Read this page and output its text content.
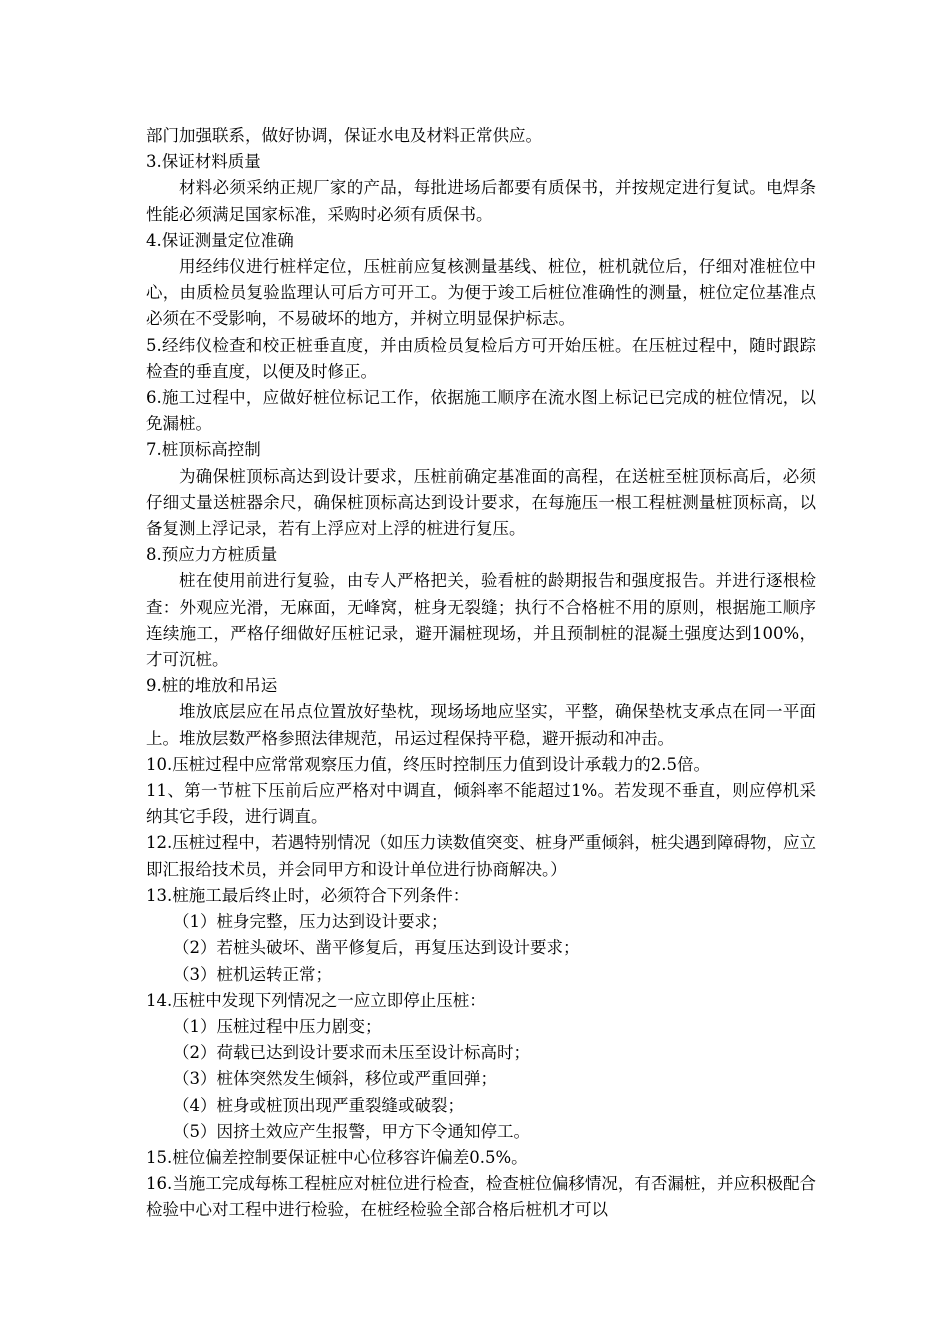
部门加强联系，做好协调，保证水电及材料正常供应。

3.保证材料质量

材料必须采纳正规厂家的产品，每批进场后都要有质保书，并按规定进行复试。电焊条性能必须满足国家标准，采购时必须有质保书。

4.保证测量定位准确

用经纬仪进行桩样定位，压桩前应复核测量基线、桩位，桩机就位后，仔细对准桩位中心，由质检员复验监理认可后方可开工。为便于竣工后桩位准确性的测量，桩位定位基准点必须在不受影响，不易破坏的地方，并树立明显保护标志。

5.经纬仪检查和校正桩垂直度，并由质检员复检后方可开始压桩。在压桩过程中，随时跟踪检查的垂直度，以便及时修正。

6.施工过程中，应做好桩位标记工作，依据施工顺序在流水图上标记已完成的桩位情况，以免漏桩。

7.桩顶标高控制

为确保桩顶标高达到设计要求，压桩前确定基准面的高程，在送桩至桩顶标高后，必须仔细丈量送桩器余尺，确保桩顶标高达到设计要求，在每施压一根工程桩测量桩顶标高，以备复测上浮记录，若有上浮应对上浮的桩进行复压。

8.预应力方桩质量

桩在使用前进行复验，由专人严格把关，验看桩的龄期报告和强度报告。并进行逐根检查：外观应光滑，无麻面，无峰窝，桩身无裂缝；执行不合格桩不用的原则，根据施工顺序连续施工，严格仔细做好压桩记录，避开漏桩现场，并且预制桩的混凝土强度达到100%，才可沉桩。

9.桩的堆放和吊运

堆放底层应在吊点位置放好垫枕，现场场地应坚实，平整，确保垫枕支承点在同一平面上。堆放层数严格参照法律规范，吊运过程保持平稳，避开振动和冲击。

10.压桩过程中应常常观察压力值，终压时控制压力值到设计承载力的2.5倍。

11、第一节桩下压前后应严格对中调直，倾斜率不能超过1%。若发现不垂直，则应停机采纳其它手段，进行调直。

12.压桩过程中，若遇特别情况（如压力读数值突变、桩身严重倾斜，桩尖遇到障碍物，应立即汇报给技术员，并会同甲方和设计单位进行协商解决。）

13.桩施工最后终止时，必须符合下列条件：

（1）桩身完整，压力达到设计要求；

（2）若桩头破坏、凿平修复后，再复压达到设计要求；

（3）桩机运转正常；

14.压桩中发现下列情况之一应立即停止压桩：

（1）压桩过程中压力剧变；

（2）荷载已达到设计要求而未压至设计标高时；

（3）桩体突然发生倾斜，移位或严重回弹；

（4）桩身或桩顶出现严重裂缝或破裂；

（5）因挤土效应产生报警，甲方下令通知停工。

15.桩位偏差控制要保证桩中心位移容许偏差0.5%。

16.当施工完成每栋工程桩应对桩位进行检查，检查桩位偏移情况，有否漏桩，并应积极配合检验中心对工程中进行检验，在桩经检验全部合格后桩机才可以
